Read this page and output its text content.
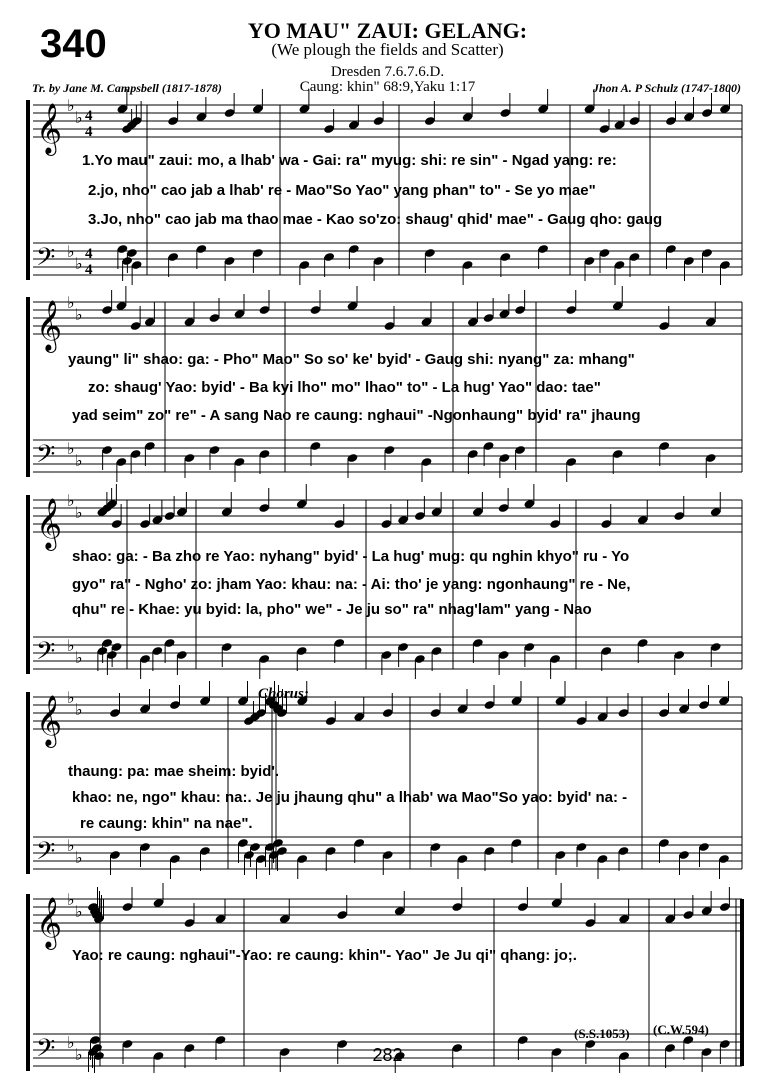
340	YO MAU" ZAUI: GELANG:
(We plough the fields and Scatter)
Dresden 7.6.7.6.D.
Caung: khin" 68:9,Yaku 1:17
Tr. by Jane M. Campsbell (1817-1878)	Jhon A. P Schulz (1747-1800)
𝄞 ♭
♭ 4
4
𝄢 ♭
♭ 4
4
𝄞 ♭
♭
𝄢 ♭
♭
𝄞 ♭
♭
𝄢 ♭
♭
𝄞 ♭
♭
𝄢 ♭
♭
𝄞 ♭
♭
𝄢 ♭
♭
1.Yo mau" zaui: mo, a lhab' wa - Gai: ra" myug: shi: re sin" - Ngad yang: re:
2.jo, nho" cao jab a lhab' re - Mao"So Yao" yang phan" to" - Se yo mae"
3.Jo, nho" cao jab ma thao mae - Kao so'zo: shaug' qhid' mae" - Gaug qho: gaug
yaung" li" shao: ga: - Pho" Mao" So so' ke' byid' - Gaug shi: nyang" za: mhang"
zo: shaug' Yao: byid' - Ba kyi lho" mo" lhao" to" - La hug' Yao" dao: tae"
yad seim" zo" re" - A sang Nao re caung: nghaui" -Ngonhaung" byid' ra" jhaung
shao: ga: - Ba zho re Yao: nyhang" byid' - La hug' mug: qu nghin khyo" ru - Yo
gyo" ra" - Ngho' zo: jham Yao: khau: na: - Ai: tho' je yang: ngonhaung" re - Ne,
qhu" re - Khae: yu byid: la, pho" we" - Je ju so" ra" nhag'lam" yang - Nao
Chorus;
thaung: pa: mae sheim: byid'.
khao: ne, ngo" khau: na:. Je ju jhaung qhu" a lhab' wa Mao"So yao: byid' na: -
re caung: khin" na nae".
Yao: re caung: nghaui"-Yao: re caung: khin"- Yao" Je Ju qi" qhang: jo;.
(S.S.1053) (C.W.594)
282
